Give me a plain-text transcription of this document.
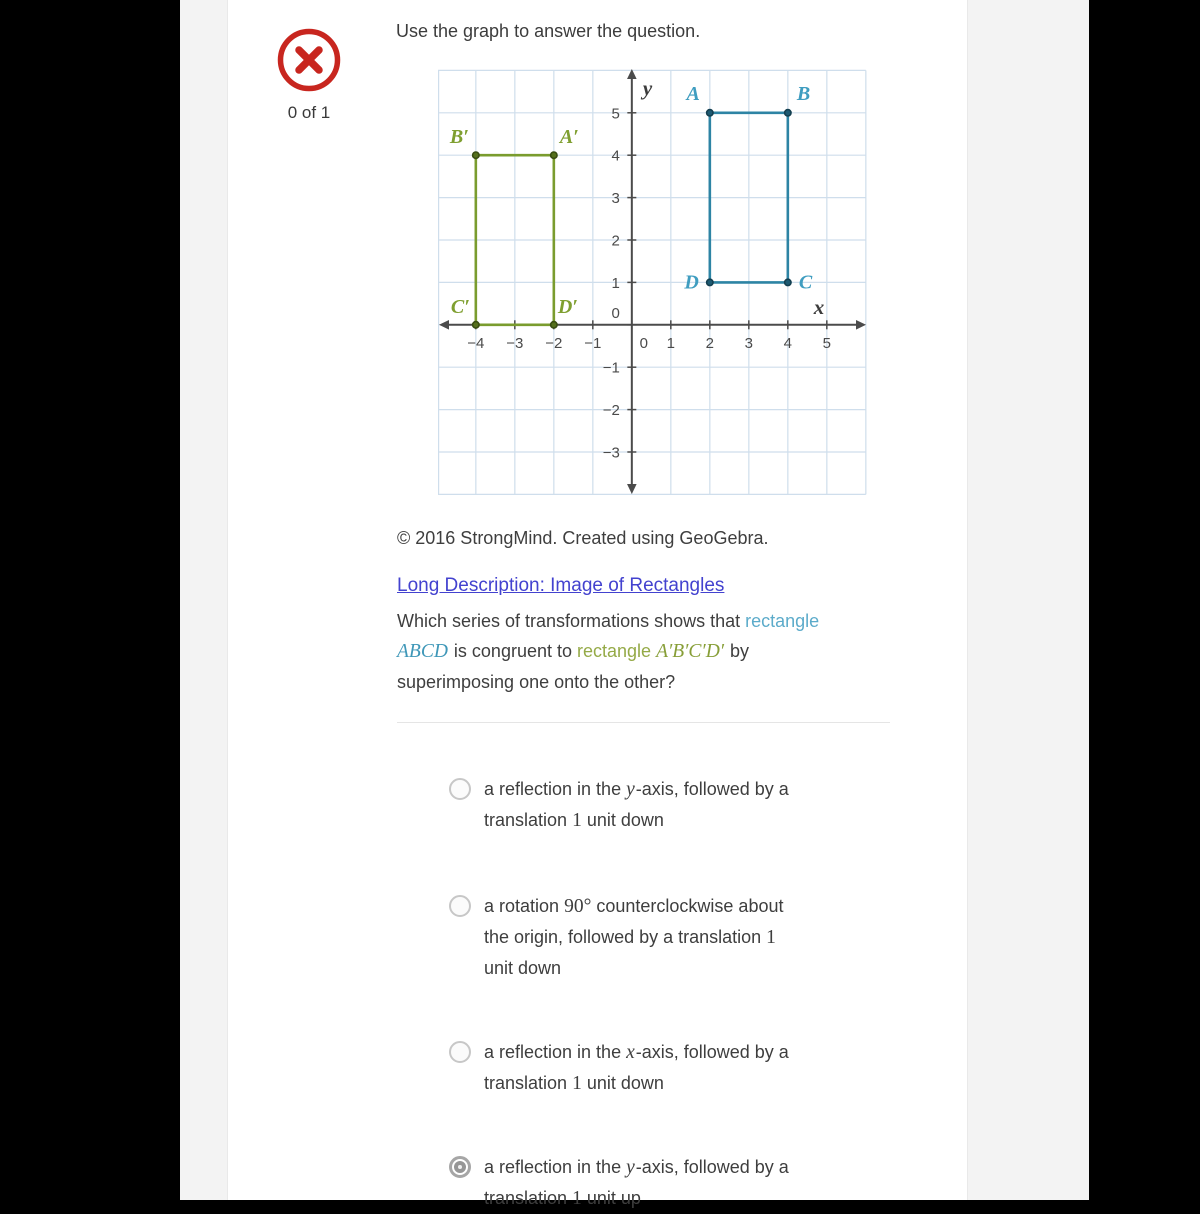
0 of 1
Use the graph to answer the question.
−4 −3 −2 −1	0 1 2 3 4 5
−3
−2
−1
0
1
2
3
4
5
y
x
A	B
C
D
B′	A′
D′
C′
© 2016 StrongMind. Created using GeoGebra.
Long Description: Image of Rectangles
Which series of transformations shows that rectangle
ABCD is congruent to rectangle A′B′C′D′ by
superimposing one onto the other?
a reflection in the y-axis, followed by a
translation 1 unit down
a rotation 90° counterclockwise about
the origin, followed by a translation 1
unit down
a reflection in the x-axis, followed by a
translation 1 unit down
a reflection in the y-axis, followed by a
translation 1 unit up
